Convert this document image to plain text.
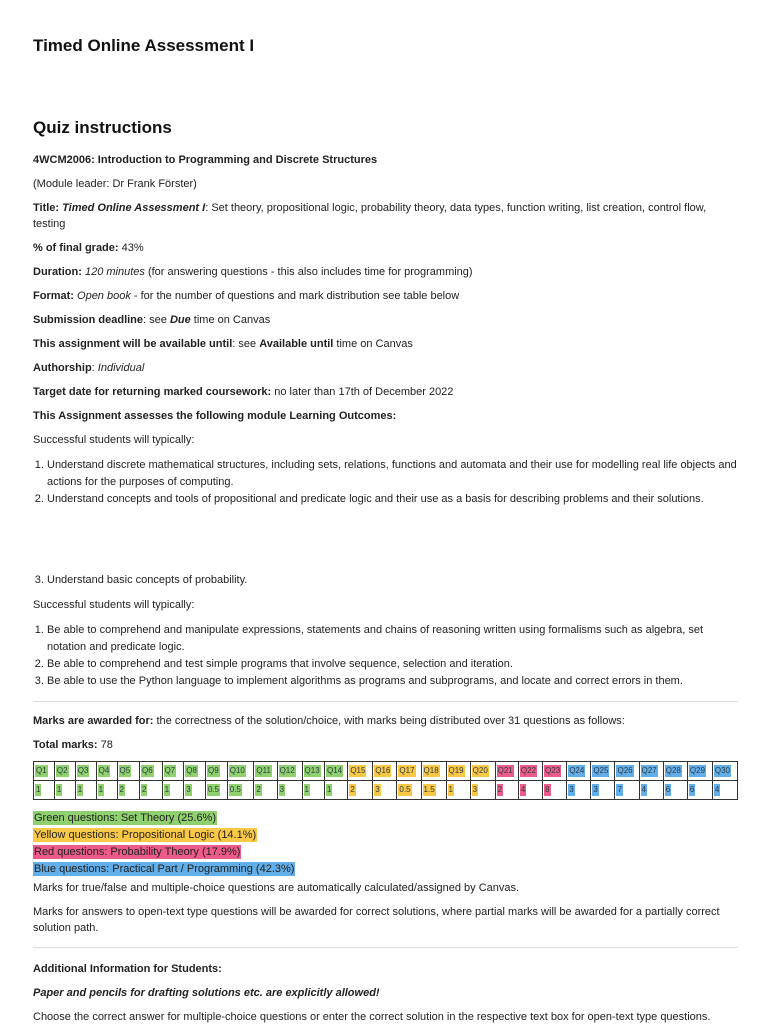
Timed Online Assessment I
Quiz instructions

4WCM2006: Introduction to Programming and Discrete Structures

(Module leader: Dr Frank Förster)

Title: Timed Online Assessment I: Set theory, propositional logic, probability theory, data types, function writing, list creation, control flow, testing

% of final grade: 43%

Duration: 120 minutes (for answering questions - this also includes time for programming)

Format: Open book - for the number of questions and mark distribution see table below

Submission deadline: see Due time on Canvas

This assignment will be available until: see Available until time on Canvas

Authorship: Individual

Target date for returning marked coursework: no later than 17th of December 2022

This Assignment assesses the following module Learning Outcomes:

Successful students will typically:

1. Understand discrete mathematical structures, including sets, relations, functions and automata and their use for modelling real life objects and actions for the purposes of computing.
2. Understand concepts and tools of propositional and predicate logic and their use as a basis for describing problems and their solutions.
3. Understand basic concepts of probability.

Successful students will typically:

1. Be able to comprehend and manipulate expressions, statements and chains of reasoning written using formalisms such as algebra, set notation and predicate logic.
2. Be able to comprehend and test simple programs that involve sequence, selection and iteration.
3. Be able to use the Python language to implement algorithms as programs and subprograms, and locate and correct errors in them.

Marks are awarded for: the correctness of the solution/choice, with marks being distributed over 31 questions as follows:

Total marks: 78

Q1	Q2	Q3	Q4	Q5	Q6	Q7	Q8	Q9	Q10	Q11	Q12	Q13	Q14	Q15	Q16	Q17	Q18	Q19	Q20	Q21	Q22	Q23	Q24	Q25	Q26	Q27	Q28	Q29	Q30
1	1	1	1	2	2	1	3	0.5	0.5	2	3	1	1	2	3	0.5	1.5	1	3	2	4	8	3	3	7	4	6	6	4
Green questions: Set Theory (25.6%)
Yellow questions: Propositional Logic (14.1%)
Red questions: Probability Theory (17.9%)
Blue questions: Practical Part / Programming (42.3%)

Marks for true/false and multiple-choice questions are automatically calculated/assigned by Canvas.

Marks for answers to open-text type questions will be awarded for correct solutions, where partial marks will be awarded for a partially correct solution path.

Additional Information for Students:

Paper and pencils for drafting solutions etc. are explicitly allowed!

Choose the correct answer for multiple-choice questions or enter the correct solution in the respective text box for open-text type questions.
